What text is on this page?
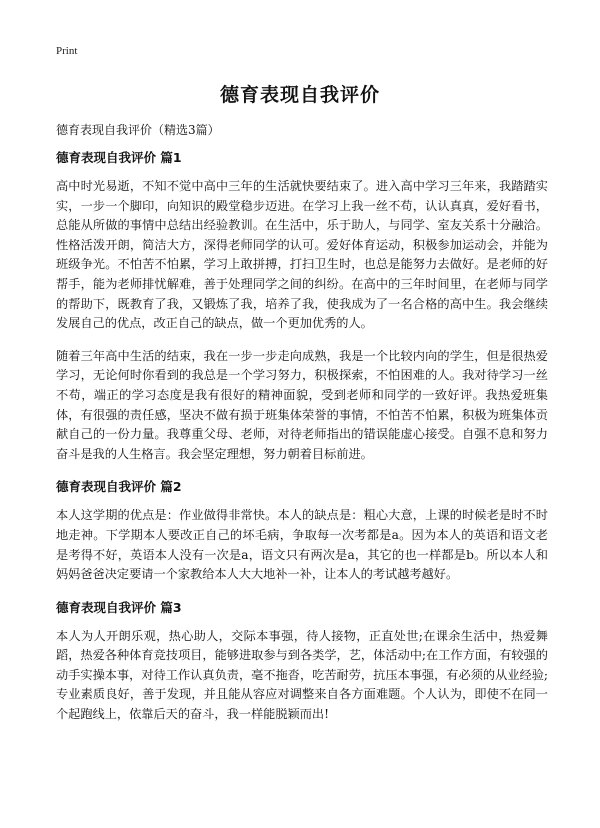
Print
德育表现自我评价

德育表现自我评价（精选3篇）

德育表现自我评价 篇1

高中时光易逝，不知不觉中高中三年的生活就快要结束了。进入高中学习三年来，我踏踏实实，一步一个脚印，向知识的殿堂稳步迈进。在学习上我一丝不苟，认认真真，爱好看书，总能从所做的事情中总结出经验教训。在生活中，乐于助人，与同学、室友关系十分融洽。性格活泼开朗，简洁大方，深得老师同学的认可。爱好体育运动，积极参加运动会，并能为班级争光。不怕苦不怕累，学习上敢拼搏，打扫卫生时，也总是能努力去做好。是老师的好帮手，能为老师排忧解难，善于处理同学之间的纠纷。在高中的三年时间里，在老师与同学的帮助下，既教育了我，又锻炼了我，培养了我，使我成为了一名合格的高中生。我会继续发展自己的优点，改正自己的缺点，做一个更加优秀的人。

随着三年高中生活的结束，我在一步一步走向成熟，我是一个比较内向的学生，但是很热爱学习，无论何时你看到的我总是一个学习努力，积极探索，不怕困难的人。我对待学习一丝不苟，端正的学习态度是我有很好的精神面貌，受到老师和同学的一致好评。我热爱班集体，有很强的责任感，坚决不做有损于班集体荣誉的事情，不怕苦不怕累，积极为班集体贡献自己的一份力量。我尊重父母、老师，对待老师指出的错误能虚心接受。自强不息和努力奋斗是我的人生格言。我会坚定理想，努力朝着目标前进。

德育表现自我评价 篇2

本人这学期的优点是：作业做得非常快。本人的缺点是：粗心大意，上课的时候老是时不时地走神。下学期本人要改正自己的坏毛病，争取每一次考都是a。因为本人的英语和语文老是考得不好，英语本人没有一次是a，语文只有两次是a，其它的也一样都是b。所以本人和妈妈爸爸决定要请一个家教给本人大大地补一补，让本人的考试越考越好。

德育表现自我评价 篇3

本人为人开朗乐观，热心助人，交际本事强，待人接物，正直处世;在课余生活中，热爱舞蹈，热爱各种体育竞技项目，能够进取参与到各类学，艺，体活动中;在工作方面，有较强的动手实操本事，对待工作认真负责，毫不拖沓，吃苦耐劳，抗压本事强，有必须的从业经验;专业素质良好，善于发现，并且能从容应对调整来自各方面难题。个人认为，即使不在同一个起跑线上，依靠后天的奋斗，我一样能脱颖而出!
